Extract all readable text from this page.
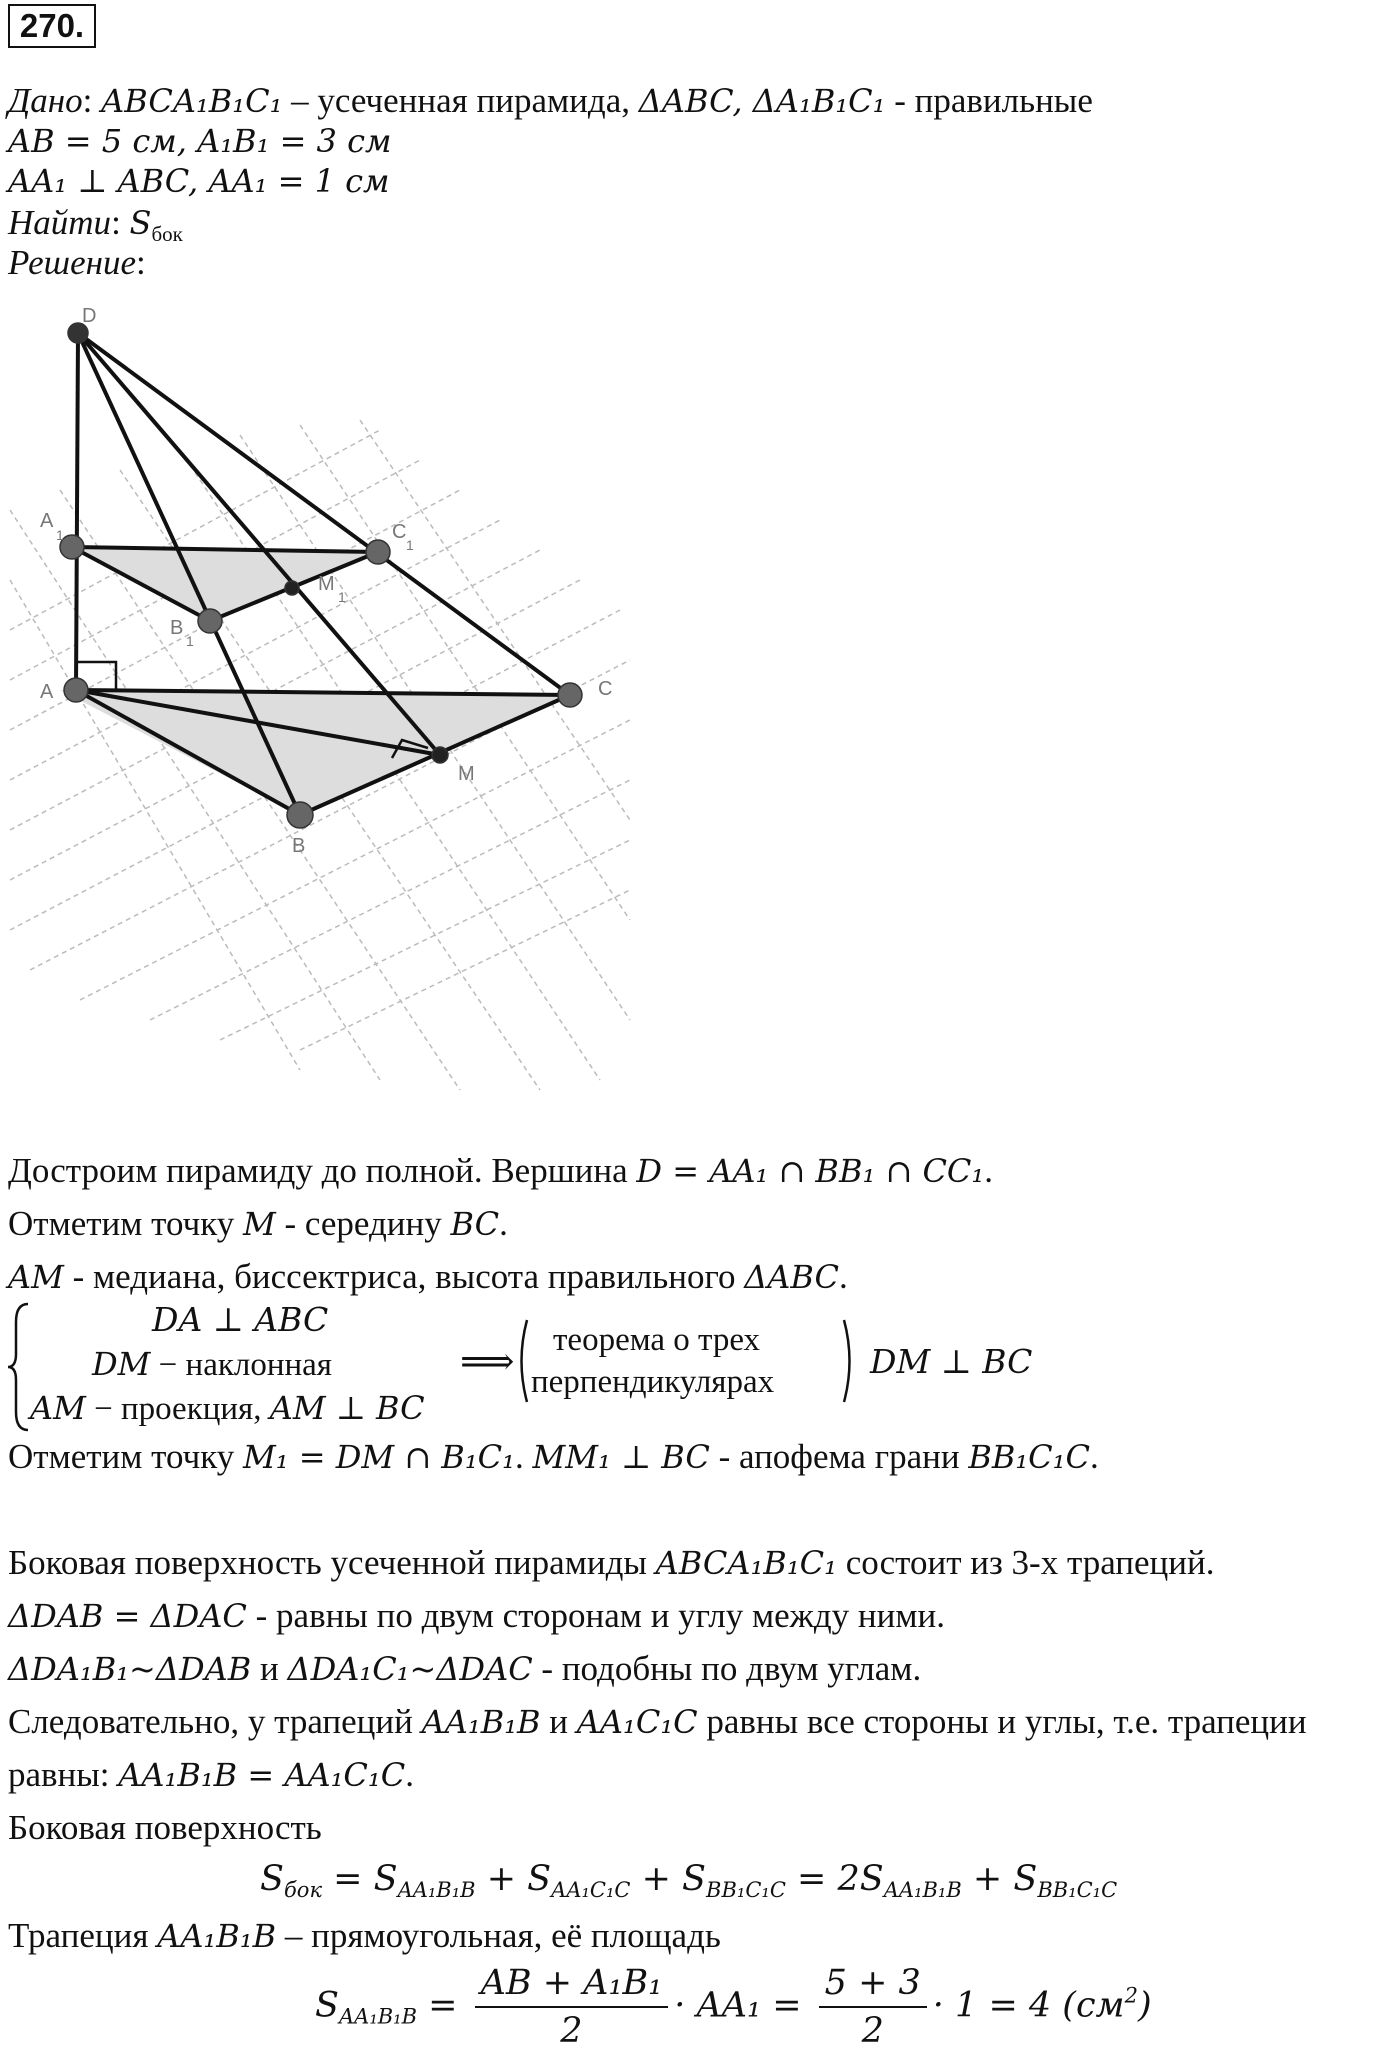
270.
Дано: ABCA₁B₁C₁ – усеченная пирамида, ΔABC, ΔA₁B₁C₁ - правильные
AB = 5 см, A₁B₁ = 3 см
AA₁ ⊥ ABC, AA₁ = 1 см
Найти: $S_{бок}$
Решение:
D
A
1	C
1
B
1
M
1
A	C
M
B
Достроим пирамиду до полной. Вершина D = AA₁ ∩ BB₁ ∩ CC₁.
Отметим точку M - середину BC.
AM - медиана, биссектриса, высота правильного ΔABC.
DA ⊥ ABC
DM − наклонная
AM − проекция, AM ⊥ BC
⟹
теорема о трех
перпендикулярах
DM ⊥ BC
Отметим точку M₁ = DM ∩ B₁C₁. MM₁ ⊥ BC - апофема грани BB₁C₁C.
Боковая поверхность усеченной пирамиды ABCA₁B₁C₁ состоит из 3-х трапеций.
ΔDAB = ΔDAC - равны по двум сторонам и углу между ними.
ΔDA₁B₁~ΔDAB и ΔDA₁C₁~ΔDAC - подобны по двум углам.
Следовательно, у трапеций AA₁B₁B и AA₁C₁C равны все стороны и углы, т.е. трапеции
равны: AA₁B₁B = AA₁C₁C.
Боковая поверхность
$S_{бок} = S_{AA_1B_1B} + S_{AA_1C_1C} + S_{BB_1C_1C} = 2S_{AA_1B_1B} + S_{BB_1C_1C}$
Трапеция AA₁B₁B – прямоугольная, её площадь
$S_{AA_1B_1B} = \frac{\text{AB + A₁B₁}}{2} \cdot AA_1 = \frac{5 + 3}{2} \cdot 1 = 4$ $(см^2)$
